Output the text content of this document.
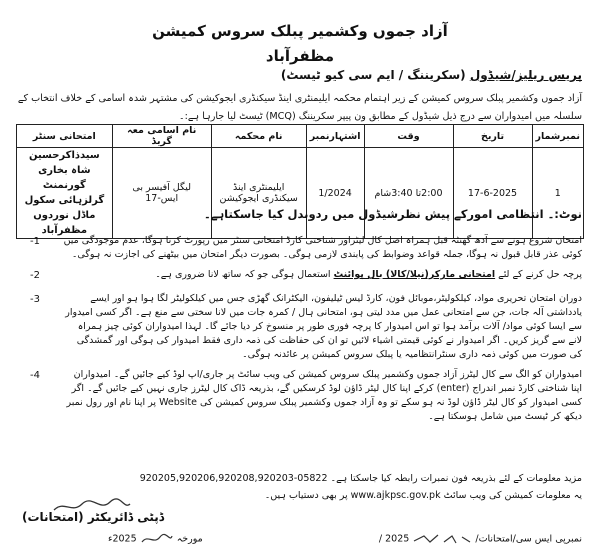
آزاد جموں وکشمیر پبلک سروس کمیشن
مظفرآباد
پریس ریلیز/شیڈول (سکریننگ / ایم سی کیو ٹیسٹ)
آزاد جموں وکشمیر پبلک سروس کمیشن کے زیر اہتمام محکمہ ایلیمنٹری اینڈ سیکنڈری ایجوکیشن کی مشتہر شدہ اسامی کے خلاف انتخاب کے سلسلہ میں امیدواران سے درج ذیل شیڈول کے مطابق ون پیپر سکریننگ (MCQ) ٹیسٹ لیا جارہا ہے:۔
نمبرشمار	تاریخ	وقت	اشتہارنمبر	نام محکمہ	نام اسامی معہ گریڈ	امتحانی سنٹر
1	17-6-2025	2:00تا 3:40شام	1/2024	ایلیمنٹری اینڈ سیکنڈری ایجوکیشن	لیگل آفیسر بی ایس-17	سیدذاکرحسین شاہ بخاری گورنمنٹ گرلزہائی سکول ماڈل نوردوں مظفرآباد
نوٹ:۔ انتظامی امورکے پیش نظرشیڈول میں ردوبدل کیا جاسکتاہے۔
-1 امتحان شروع ہونے سے آدھ گھنٹہ قبل ہمراہ اصل کال لیٹراور شناختی کارڈ امتحانی سنٹر میں رپورٹ کرنا ہوگا، عدم موجودگی میں کوئی عذر قابل قبول نہ ہوگا، جملہ قواعد وضوابط کی پابندی لازمی ہوگی۔ بصورت دیگر امتحان میں بیٹھنے کی اجازت نہ ہوگی۔
-2	پرچہ حل کرنے کے لئے امتحانی مارکر(نیلا/کالا) بال پوائنٹ استعمال ہوگی جو کہ ساتھ لانا ضروری ہے۔
-3	دوران امتحان تحریری مواد، کیلکولیٹر،موبائل فون، کارڈ لیس ٹیلیفون، الیکٹرانک گھڑی جس میں کیلکولیٹر لگا ہوا ہو اور ایسے یادداشتی آلہ جات، جن سے امتحانی عمل میں مدد لیتی ہو، امتحانی ہال / کمرہ جات میں لانا سختی سے منع ہے۔ اگر کسی امیدوار سے ایسا کوئی مواد/ آلات برآمد ہوا تو اس امیدوار کا پرچہ فوری طور پر منسوخ کر دیا جائے گا۔ لہذا امیدواران کوئی چیز ہمراہ لانے سے گریز کریں۔ اگر امیدوار نے کوئی قیمتی اشیاء لائیں تو ان کی حفاظت کی ذمہ داری فقط امیدوار کی ہوگی اور گمشدگی کی صورت میں کوئی ذمہ داری سنٹرانتظامیہ یا پبلک سروس کمیشن پر عائدنہ ہوگی۔
-4	امیدواران کو الگ سے کال لیٹرز آزاد جموں وکشمیر پبلک سروس کمیشن کی ویب سائٹ پر جاری/اپ لوڈ کیے جائیں گے۔ امیدواران اپنا شناختی کارڈ نمبر اندراج (enter) کرکے اپنا کال لیٹر ڈاؤن لوڈ کرسکیں گے، بذریعہ ڈاک کال لیٹرز جاری نہیں کیے جائیں گے۔ اگر کسی امیدوار کو کال لیٹر ڈاؤن لوڈ نہ ہو سکے تو وہ آزاد جموں وکشمیر پبلک سروس کمیشن کی Website پر اپنا نام اور رول نمبر دیکھ کر ٹیسٹ میں شامل ہوسکتا ہے۔
مزید معلومات کے لئے بذریعہ فون نمبرات رابطہ کیا جاسکتا ہے۔ 05822-920205,920206,920208,920203
یہ معلومات کمیشن کی ویب سائٹ www.ajkpsc.gov.pk پر بھی دستیاب ہیں۔
ڈپٹی ڈائریکٹر (امتحانات)
نمبرپی ایس سی/امتحانات/  2025 /
مورخہ  2025ء
